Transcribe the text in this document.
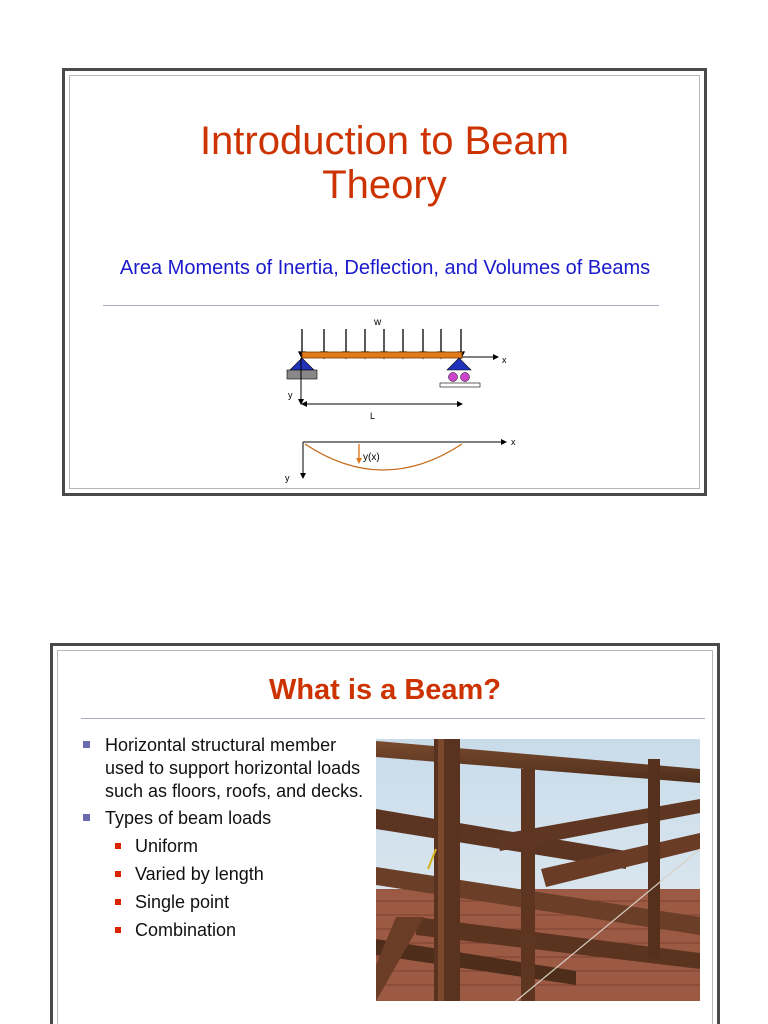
Introduction to Beam Theory

Area Moments of Inertia, Deflection, and Volumes of Beams

w
x
y
L
x
y
y(x)
What is a Beam?
Horizontal structural member used to support horizontal loads such as floors, roofs, and decks.
Types of beam loads
Uniform
Varied by length
Single point
Combination
